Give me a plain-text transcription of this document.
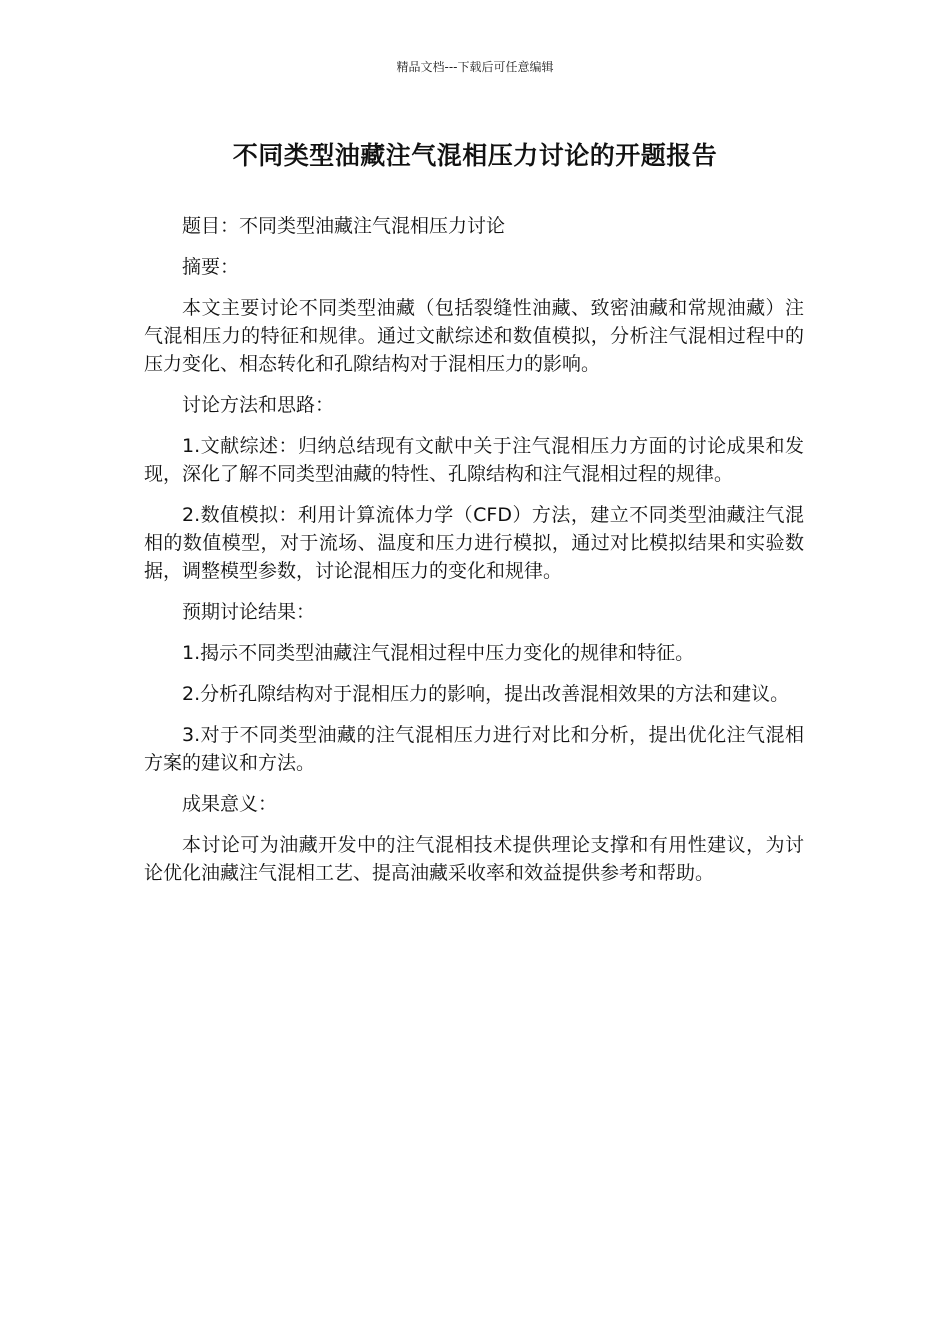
精品文档---下载后可任意编辑
不同类型油藏注气混相压力讨论的开题报告

题目：不同类型油藏注气混相压力讨论

摘要：

本文主要讨论不同类型油藏（包括裂缝性油藏、致密油藏和常规油藏）注气混相压力的特征和规律。通过文献综述和数值模拟，分析注气混相过程中的压力变化、相态转化和孔隙结构对于混相压力的影响。

讨论方法和思路：

1.文献综述：归纳总结现有文献中关于注气混相压力方面的讨论成果和发现，深化了解不同类型油藏的特性、孔隙结构和注气混相过程的规律。

2.数值模拟：利用计算流体力学（CFD）方法，建立不同类型油藏注气混相的数值模型，对于流场、温度和压力进行模拟，通过对比模拟结果和实验数据，调整模型参数，讨论混相压力的变化和规律。

预期讨论结果：

1.揭示不同类型油藏注气混相过程中压力变化的规律和特征。

2.分析孔隙结构对于混相压力的影响，提出改善混相效果的方法和建议。

3.对于不同类型油藏的注气混相压力进行对比和分析，提出优化注气混相方案的建议和方法。

成果意义：

本讨论可为油藏开发中的注气混相技术提供理论支撑和有用性建议，为讨论优化油藏注气混相工艺、提高油藏采收率和效益提供参考和帮助。
